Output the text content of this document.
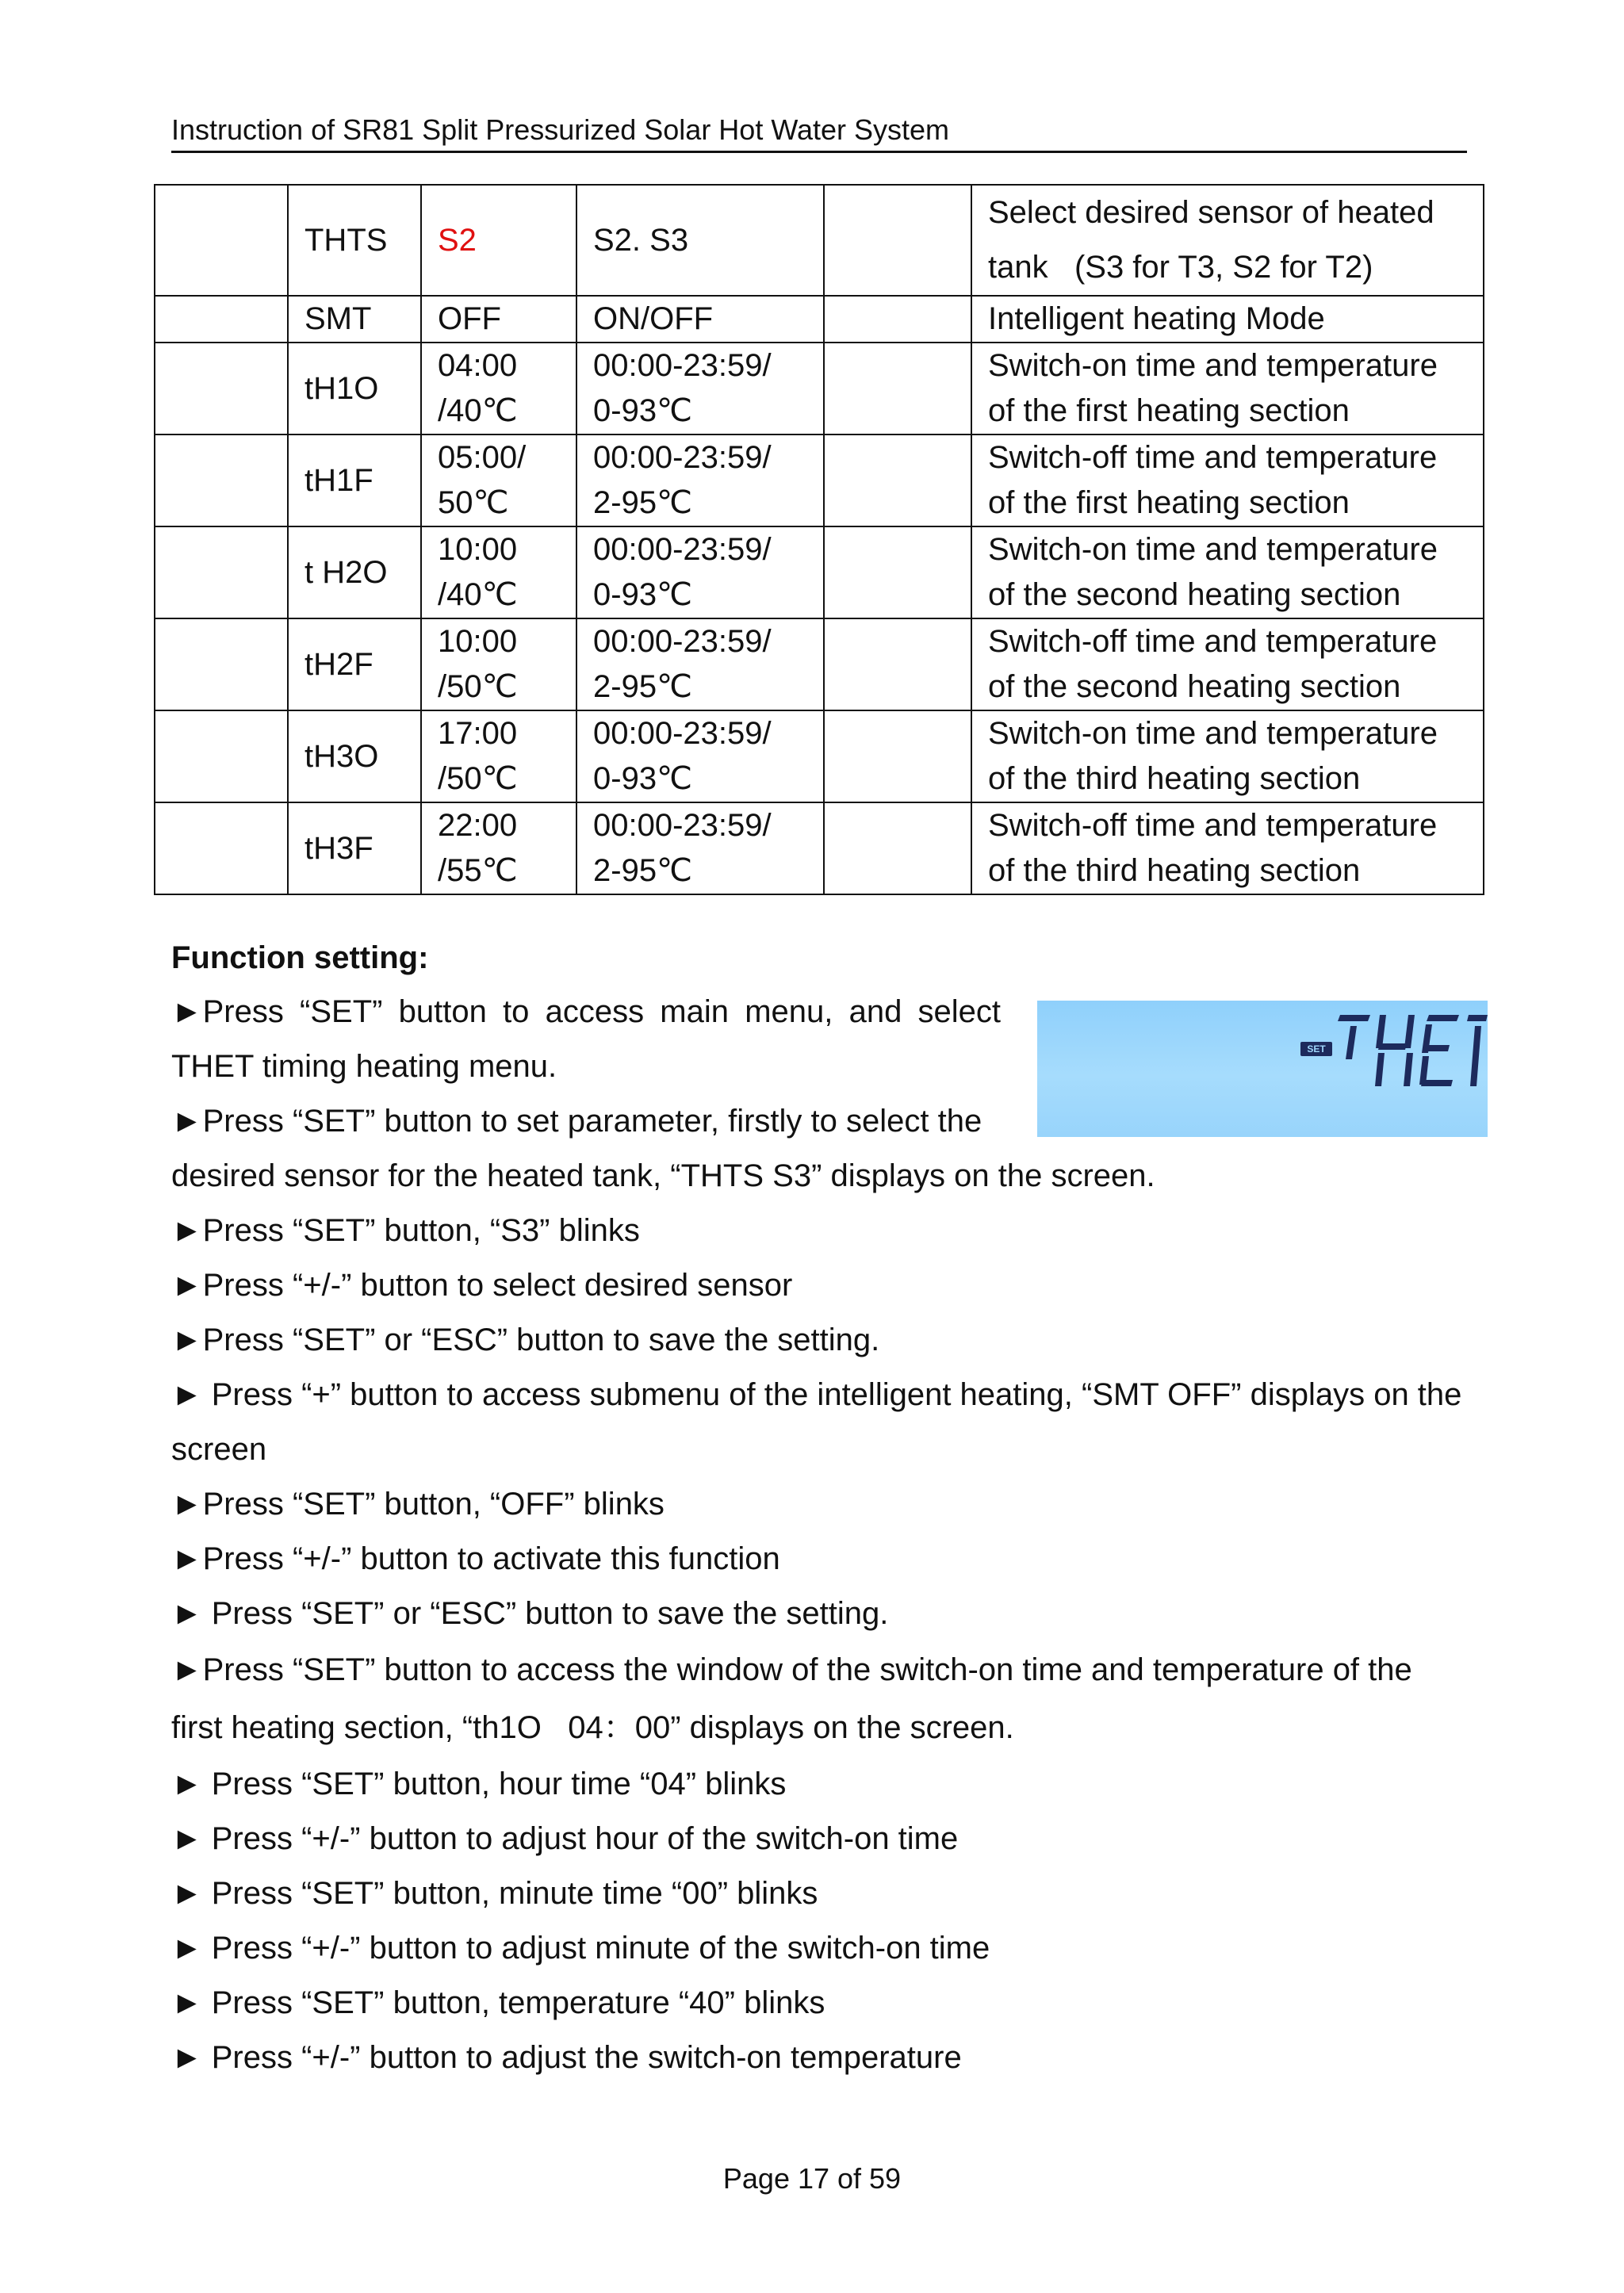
Instruction of SR81 Split Pressurized Solar Hot Water System
	THTS	S2	S2. S3		Select desired sensor of heated
tank   (S3 for T3, S2 for T2)

	SMT	OFF	ON/OFF		Intelligent heating Mode

	tH1O	04:00 /40℃	00:00-23:59/ 0-93℃		Switch-on time and temperature
of the first heating section

	tH1F	05:00/ 50℃	00:00-23:59/ 2-95℃		Switch-off time and temperature
of the first heating section

	t H2O	10:00 /40℃	00:00-23:59/ 0-93℃		Switch-on time and temperature
of the second heating section

	tH2F	10:00 /50℃	00:00-23:59/ 2-95℃		Switch-off time and temperature
of the second heating section

	tH3O	17:00 /50℃	00:00-23:59/ 0-93℃		Switch-on time and temperature
of the third heating section

	tH3F	22:00 /55℃	00:00-23:59/ 2-95℃		Switch-off time and temperature
of the third heating section
Function setting:
SET
THET
►Press “SET” button to access main menu, and select THET timing heating menu.
►Press “SET” button to set parameter, firstly to select the
desired sensor for the heated tank, “THTS S3” displays on the screen.
►Press “SET” button, “S3” blinks
►Press “+/-” button to select desired sensor
►Press “SET” or “ESC” button to save the setting.
► Press “+” button to access submenu of the intelligent heating, “SMT OFF” displays on the screen
►Press “SET” button, “OFF” blinks
►Press “+/-” button to activate this function
► Press “SET” or “ESC” button to save the setting.
►Press “SET” button to access the window of the switch-on time and temperature of the first heating section, “th1O   04：00” displays on the screen.
► Press “SET” button, hour time “04” blinks
► Press “+/-” button to adjust hour of the switch-on time
► Press “SET” button, minute time “00” blinks
► Press “+/-” button to adjust minute of the switch-on time
► Press “SET” button, temperature “40” blinks
► Press “+/-” button to adjust the switch-on temperature
Page 17 of 59
